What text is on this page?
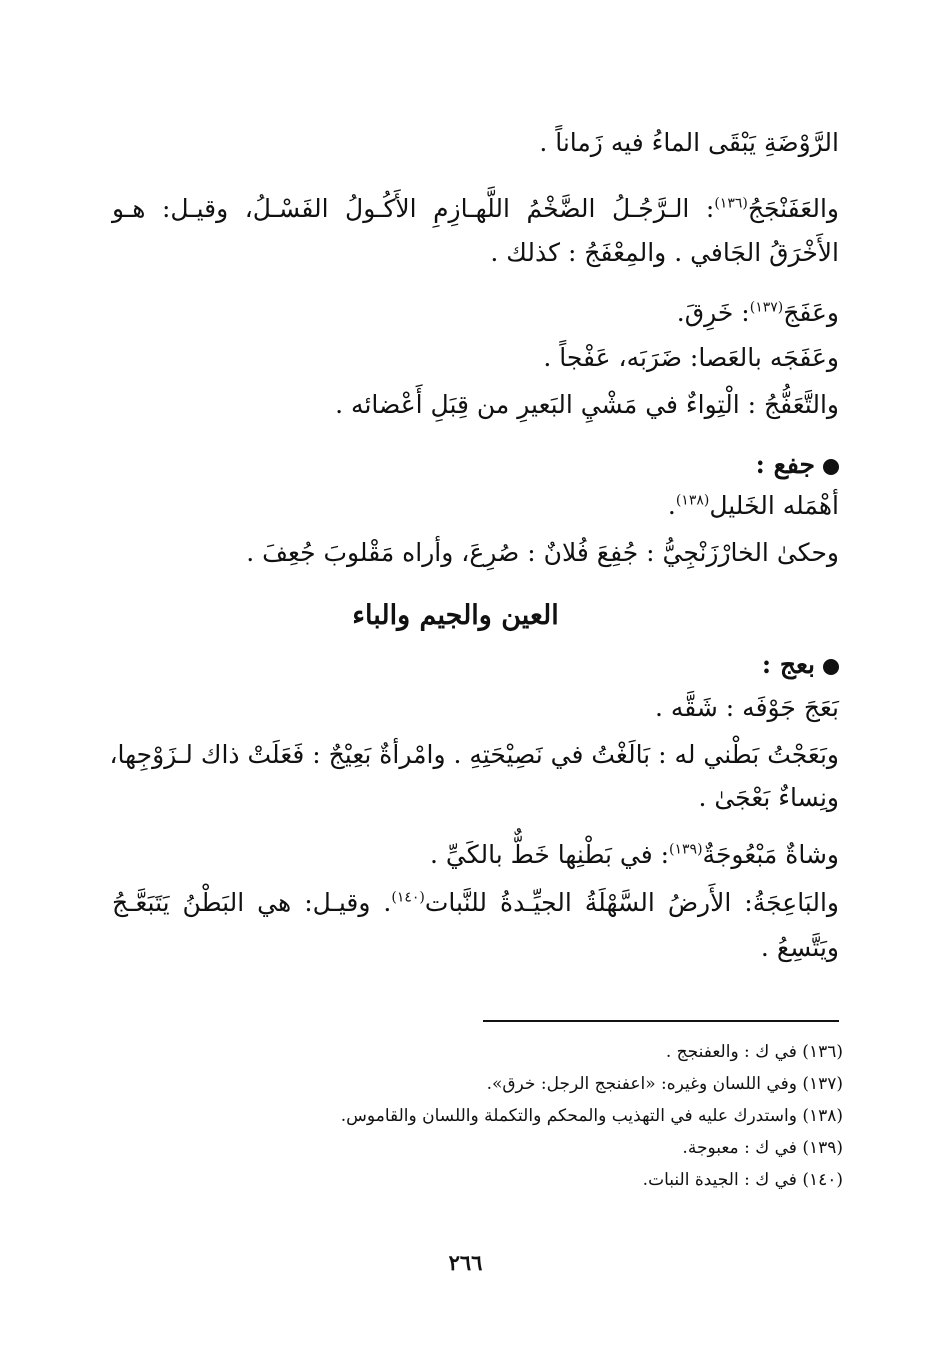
الرَّوْضَةِ يَبْقَى الماءُ فيه زَماناً .
والعَفَنْجَجُ$^{(١٣٦)}$: الـرَّجُـلُ الضَّخْمُ اللَّهـازِمِ الأَكُـولُ الفَسْـلُ، وقيـل: هـو
الأَخْرَقُ الجَافي . والمِعْفَجُ : كذلك .
وعَفَجَ$^{(١٣٧)}$: خَرِقَ.
وعَفَجَه بالعَصا: ضَرَبَه، عَفْجاً .
والتَّعَفُّجُ : الْتِواءٌ في مَشْيِ البَعيرِ من قِبَلِ أَعْضائه .
جفع :
أهْمَله الخَليل$^{(١٣٨)}$.
وحكىٰ الخارْزَنْجِيُّ : جُفِعَ فُلانٌ : صُرِعَ، وأراه مَقْلوبَ جُعِفَ .
العين والجيم والباء
بعج :
بَعَجَ جَوْفَه : شَقَّه .
وبَعَجْتُ بَطْني له : بَالَغْتُ في نَصِيْحَتِهِ . وامْرأةٌ بَعِيْجٌ : فَعَلَتْ ذاك لـزَوْجِها،
ونِساءٌ بَعْجَىٰ .
وشاةٌ مَبْعُوجَةٌ$^{(١٣٩)}$: في بَطْنِها خَطٌّ بالكَيِّ .
والبَاعِجَةُ: الأَرضُ السَّهْلَةُ الجيِّـدةُ للنَّبات$^{(١٤٠)}$. وقيـل: هي البَطْنُ يَتَبَعَّـجُ
ويَتَّسِعُ .
(١٣٦) في ك : والعفنجج .
(١٣٧) وفي اللسان وغيره: «اعفنجج الرجل: خرق».
(١٣٨) واستدرك عليه في التهذيب والمحكم والتكملة واللسان والقاموس.
(١٣٩) في ك : معبوجة.
(١٤٠) في ك : الجيدة النبات.
٢٦٦
